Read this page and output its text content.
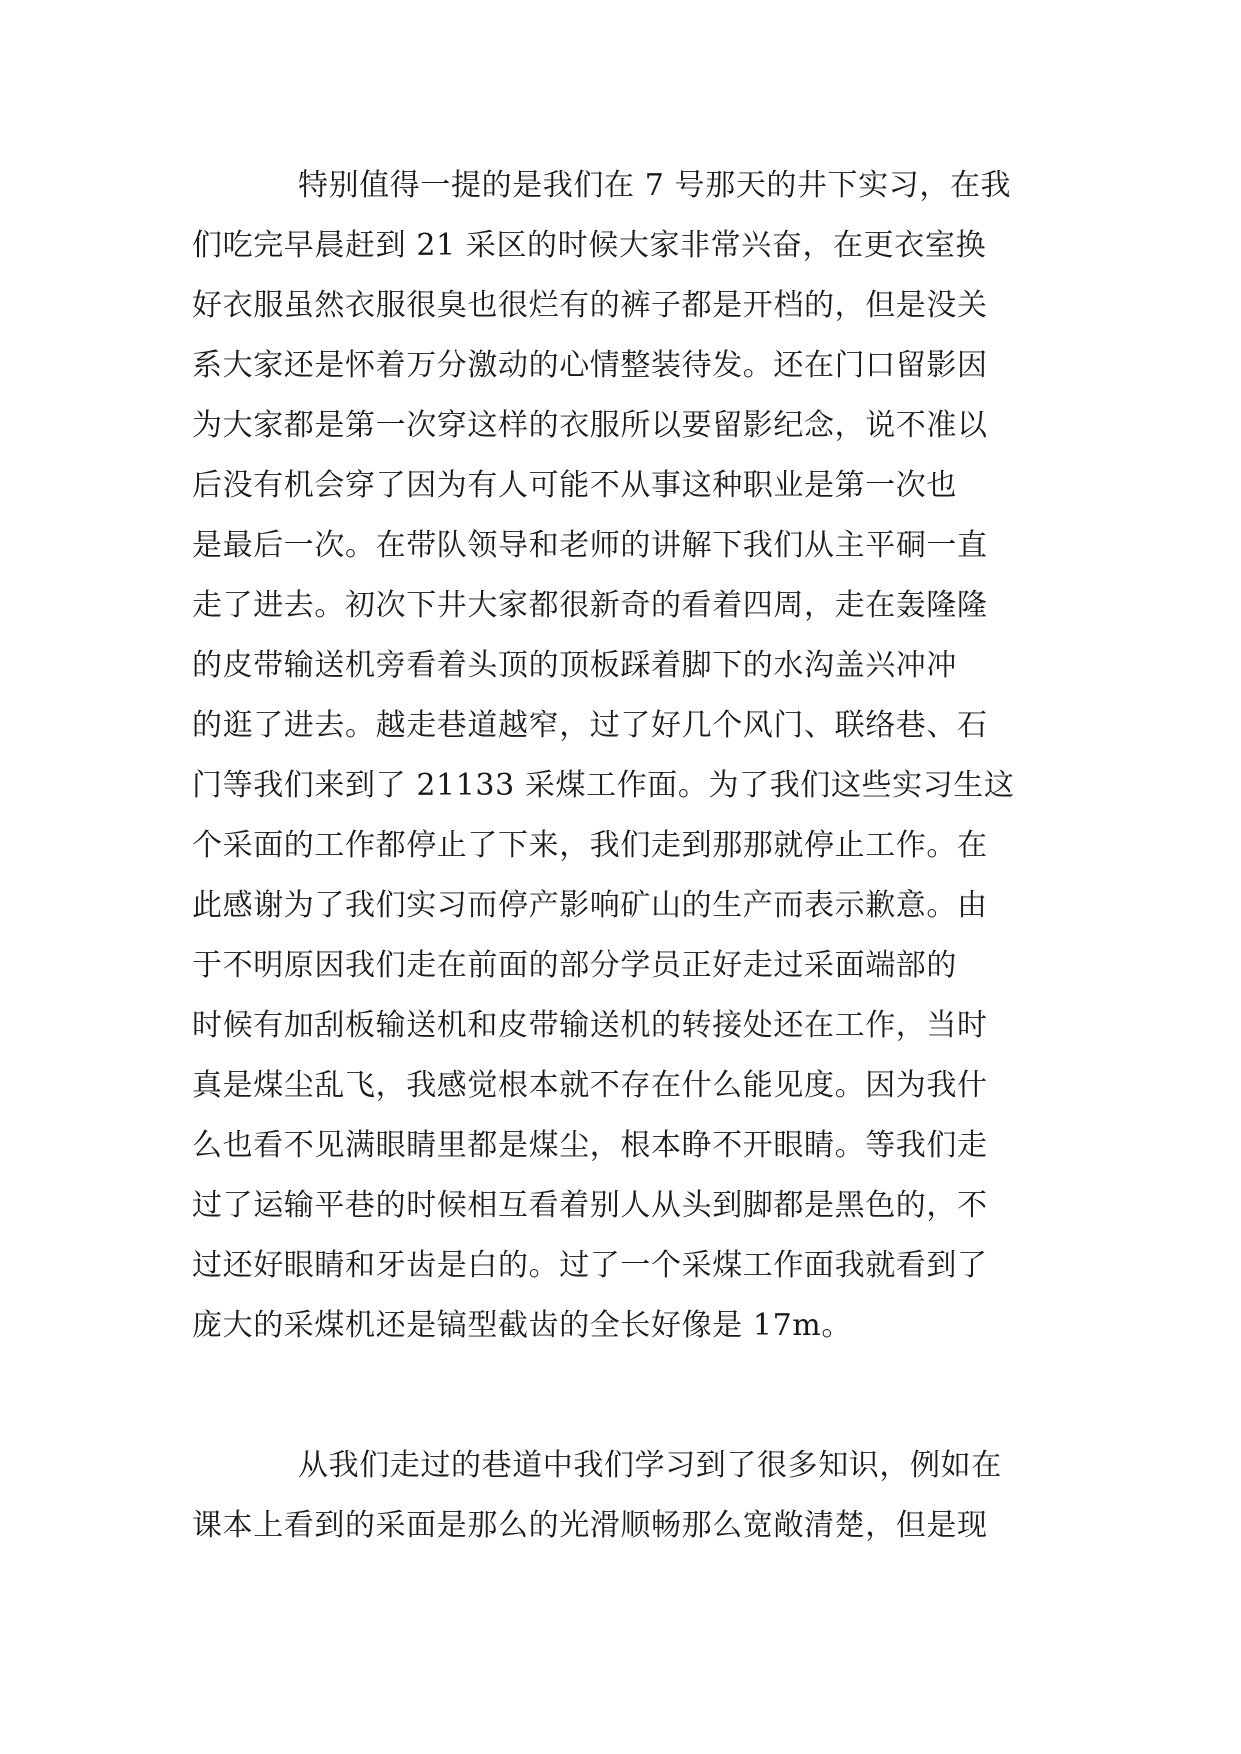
特别值得一提的是我们在 7 号那天的井下实习，在我
们吃完早晨赶到 21 采区的时候大家非常兴奋，在更衣室换
好衣服虽然衣服很臭也很烂有的裤子都是开档的，但是没关
系大家还是怀着万分激动的心情整装待发。还在门口留影因
为大家都是第一次穿这样的衣服所以要留影纪念，说不准以
后没有机会穿了因为有人可能不从事这种职业是第一次也
是最后一次。在带队领导和老师的讲解下我们从主平硐一直
走了进去。初次下井大家都很新奇的看着四周，走在轰隆隆
的皮带输送机旁看着头顶的顶板踩着脚下的水沟盖兴冲冲
的逛了进去。越走巷道越窄，过了好几个风门、联络巷、石
门等我们来到了 21133 采煤工作面。为了我们这些实习生这
个采面的工作都停止了下来，我们走到那那就停止工作。在
此感谢为了我们实习而停产影响矿山的生产而表示歉意。由
于不明原因我们走在前面的部分学员正好走过采面端部的
时候有加刮板输送机和皮带输送机的转接处还在工作，当时
真是煤尘乱飞，我感觉根本就不存在什么能见度。因为我什
么也看不见满眼睛里都是煤尘，根本睁不开眼睛。等我们走
过了运输平巷的时候相互看着别人从头到脚都是黑色的，不
过还好眼睛和牙齿是白的。过了一个采煤工作面我就看到了
庞大的采煤机还是镐型截齿的全长好像是 17m。
从我们走过的巷道中我们学习到了很多知识，例如在
课本上看到的采面是那么的光滑顺畅那么宽敞清楚，但是现
